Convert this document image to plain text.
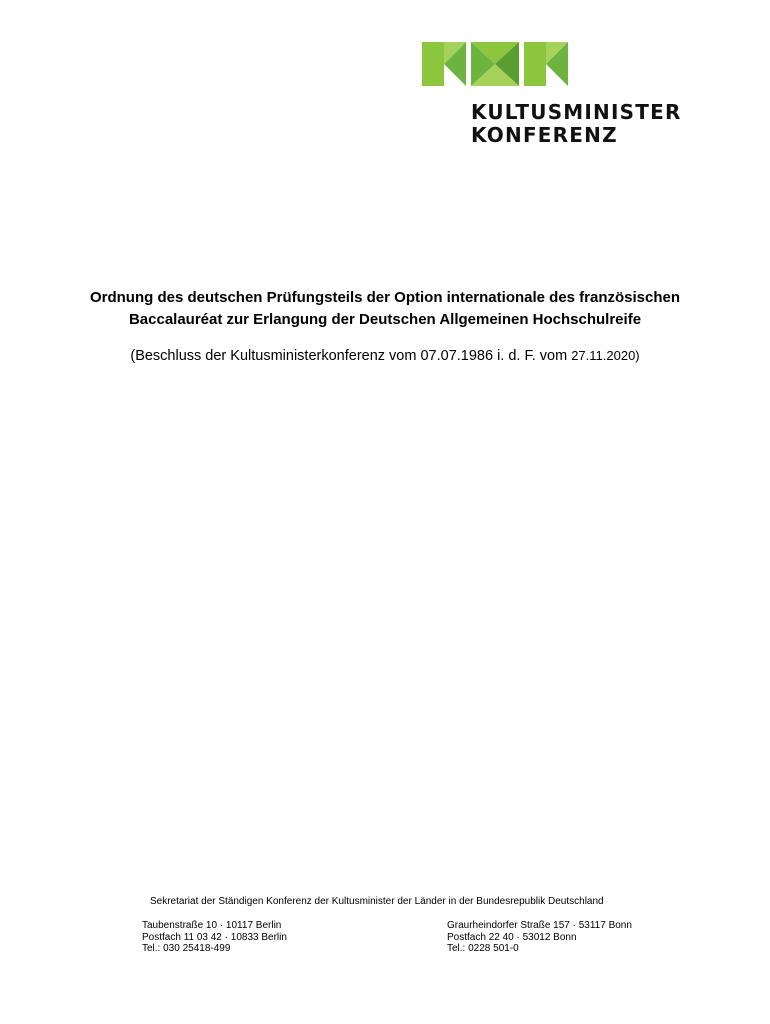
KULTUSMINISTER
KONFERENZ

Ordnung des deutschen Prüfungsteils der Option internationale des französischen Baccalauréat zur Erlangung der Deutschen Allgemeinen Hochschulreife

(Beschluss der Kultusministerkonferenz vom 07.07.1986 i. d. F. vom 27.11.2020)

Sekretariat der Ständigen Konferenz der Kultusminister der Länder in der Bundesrepublik Deutschland
Taubenstraße 10 · 10117 Berlin
Postfach 11 03 42 · 10833 Berlin
Tel.: 030 25418-499
Graurheindorfer Straße 157 · 53117 Bonn
Postfach 22 40 · 53012 Bonn
Tel.: 0228 501-0
